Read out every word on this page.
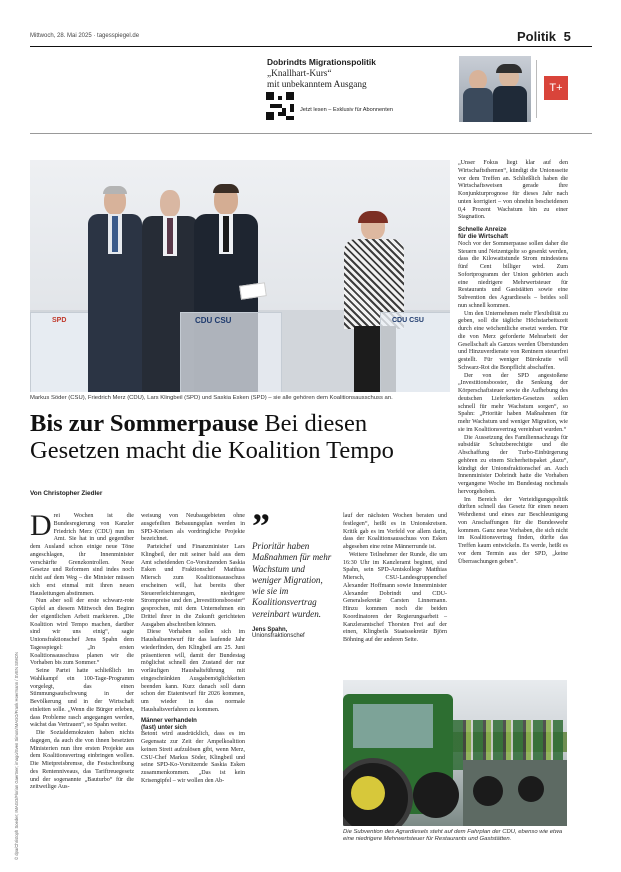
Mittwoch, 28. Mai 2025 · tagesspiegel.de	Politik 5
Dobrindts Migrationspolitik
„Knallhart-Kurs“
mit unbekanntem Ausgang
Jetzt lesen – Exklusiv für Abonnenten
T+
SPD	CDU CSU	CDU CSU
Markus Söder (CSU), Friedrich Merz (CDU), Lars Klingbeil (SPD) und Saskia Esken (SPD) – sie alle gehören dem Koalitionsausschuss an.
Bis zur Sommerpause Bei diesen
Gesetzen macht die Koalition Tempo
Von Christopher Ziedler
© dpa/Christoph Soeder; IMAGO/Florian Gaertner; imago/Sven Simon/IMAGO/Frank Hoermann / SVEN SIMON

Drei Wochen ist die Bundesregierung von Kanzler Friedrich Merz (CDU) nun im Amt. Sie hat in und gegenüber dem Ausland schon einige neue Töne angeschlagen, ihr Innenminister verschärfte Grenzkontrollen. Neue Gesetze und Reformen sind indes noch nicht auf dem Weg – die Minister müssen sich erst einmal mit ihren neuen Hausleitungen abstimmen.

Nun aber soll der erste schwarz-rote Gipfel an diesem Mittwoch den Beginn der eigentlichen Arbeit markieren. „Die Koalition wird Tempo machen, darüber sind wir uns einig“, sagte Unionsfraktionschef Jens Spahn dem Tagesspiegel: „In ersten Koalitionsausschuss planen wir die Vorhaben bis zum Sommer.“

Seine Partei hatte schließlich im Wahlkampf ein 100-Tage-Programm vorgelegt, das einen Stimmungsaufschwung in der Bevölkerung und in der Wirtschaft einleiten solle. „Wenn die Bürger erleben, dass Probleme rasch angegangen werden, wächst das Vertrauen“, so Spahn weiter.

Die Sozialdemokraten haben nichts dagegen, da auch die von ihnen besetzten Ministerien nun ihre ersten Projekte aus dem Koalitionsvertrag einbringen wollen. Die Mietpreisbremse, die Festschreibung des Rentenniveaus, das Tariftreuegesetz und der sogenannte „Bauturbo“ für die zeitweilige Aus-

weisung von Neubaugebieten ohne ausgefeilten Bebauungsplan werden in SPD-Kreisen als vordringliche Projekte bezeichnet.

Parteichef und Finanzminister Lars Klingbeil, der mit seiner bald aus dem Amt scheidenden Co-Vorsitzenden Saskia Esken und Fraktionschef Matthias Miersch zum Koalitionsausschuss erscheinen will, hat bereits über Steuererleichterungen, niedrigere Strompreise und den „Investitionsbooster“ gesprochen, mit dem Unternehmen ein Drittel ihrer in die Zukunft gerichteten Ausgaben abschreiben können.

Diese Vorhaben sollen sich im Haushaltsentwurf für das laufende Jahr wiederfinden, den Klingbeil am 25. Juni präsentieren will, damit der Bundestag möglichst schnell den Zustand der nur vorläufigen Haushaltsführung mit eingeschränkten Ausgabemöglichkeiten beenden kann. Kurz danach soll dann schon der Etatentwurf für 2026 kommen, um wieder in das normale Haushaltsverfahren zu kommen.

Männer verhandeln
(fast) unter sich

Betont wird ausdrücklich, dass es im Gegensatz zur Zeit der Ampelkoalition keinen Streit aufzulösen gibt, wenn Merz, CSU-Chef Markus Söder, Klingbeil und seine SPD-Ko-Vorsitzende Saskia Esken zusammenkommen. „Das ist kein Krisengipfel – wir wollen den Ab-

”
Prioritär haben Maßnahmen für mehr Wachstum und weniger Migration, wie sie im Koalitionsvertrag vereinbart wurden.
Jens Spahn,
Unionsfraktionschef

lauf der nächsten Wochen beraten und festlegen“, heißt es in Unionskreisen. Kritik gab es im Vorfeld vor allem darin, dass der Koalitionsausschuss von Esken abgesehen eine reine Männerrunde ist.

Weitere Teilnehmer der Runde, die um 16:30 Uhr im Kanzleramt beginnt, sind Spahn, sein SPD-Amtskollege Matthias Miersch, CSU-Landesgruppenchef Alexander Hoffmann sowie Innenminister Alexander Dobrindt und CDU-Generalsekretär Carsten Linnemann. Hinzu kommen noch die beiden Koordinatoren der Regierungsarbeit – Kanzleramtschef Thorsten Frei auf der einen, Klingbeils Staatssekretär Björn Böhning auf der anderen Seite.

Die Subvention des Agrardiesels steht auf dem Fahrplan der CDU, ebenso wie etwa eine niedrigere Mehrwertsteuer für Restaurants und Gaststätten.

„Unser Fokus liegt klar auf den Wirtschaftsthemen“, kündigt die Unionsseite vor dem Treffen an. Schließlich haben die Wirtschaftsweisen gerade ihre Konjunkturprognose für dieses Jahr nach unten korrigiert – von ohnehin bescheidenen 0,4 Prozent Wachstum hin zu einer Stagnation.

Schnelle Anreize
für die Wirtschaft

Noch vor der Sommerpause sollen daher die Steuern und Netzentgelte so gesenkt werden, dass die Kilowattstunde Strom mindestens fünf Cent billiger wird. Zum Sofortprogramm der Union gehörten auch eine niedrigere Mehrwertsteuer für Restaurants und Gaststätten sowie eine Subvention des Agrardiesels – beides soll nun schnell kommen.

Um den Unternehmen mehr Flexibilität zu geben, soll die tägliche Höchstarbeitszeit durch eine wöchentliche ersetzt werden. Für die von Merz geforderte Mehrarbeit der Gesellschaft als Ganzes werden Überstunden und Hinzuverdienste von Rentnern steuerfrei gestellt. Für weniger Bürokratie will Schwarz-Rot die Bonpflicht abschaffen.

Der von der SPD angestoßene „Investitionsbooster, die Senkung der Körperschaftsteuer sowie die Aufhebung des deutschen Lieferketten-Gesetzes sollen schnell für mehr Wachstum sorgen“, so Spahn: „Prioritär haben Maßnahmen für mehr Wachstum und weniger Migration, wie sie im Koalitionsvertrag vereinbart wurden.“

Die Aussetzung des Familiennachzugs für subsidiär Schutzberechtigte und die Abschaffung der Turbo-Einbürgerung gehören zu einem Sicherheitspaket „dazu“, kündigt der Unionsfraktionschef an. Auch Innenminister Dobrindt hatte die Vorhaben vergangene Woche im Bundestag nochmals hervorgehoben.

Im Bereich der Verteidigungspolitik dürften schnell das Gesetz für einen neuen Wehrdienst und eines zur Beschleunigung von Anschaffungen für die Bundeswehr kommen. Ganz neue Vorhaben, die sich nicht im Koalitionsvertrag finden, dürfte das Treffen kaum entwickeln. Es werde, heißt es vor dem Termin aus der SPD, „keine Überraschungen geben“.
